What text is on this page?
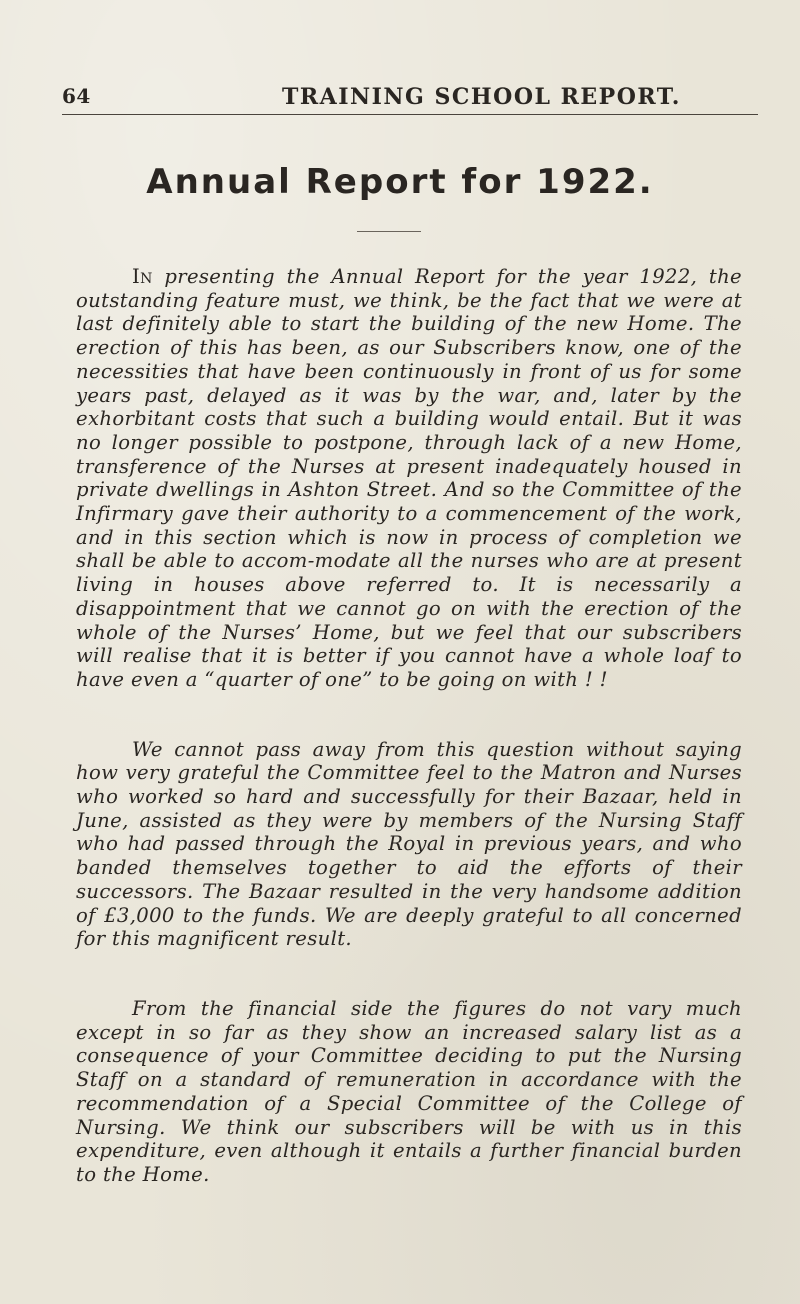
64	TRAINING SCHOOL REPORT.
Annual Report for 1922.

In presenting the Annual Report for the year 1922, the outstanding feature must, we think, be the fact that we were at last definitely able to start the building of the new Home. The erection of this has been, as our Subscribers know, one of the necessities that have been continuously in front of us for some years past, delayed as it was by the war, and, later by the exhorbitant costs that such a building would entail. But it was no longer possible to postpone, through lack of a new Home, transference of the Nurses at present inadequately housed in private dwellings in Ashton Street. And so the Committee of the Infirmary gave their authority to a commencement of the work, and in this section which is now in process of completion we shall be able to accom-modate all the nurses who are at present living in houses above referred to. It is necessarily a disappointment that we cannot go on with the erection of the whole of the Nurses’ Home, but we feel that our subscribers will realise that it is better if you cannot have a whole loaf to have even a “quarter of one” to be going on with ! !

We cannot pass away from this question without saying how very grateful the Committee feel to the Matron and Nurses who worked so hard and successfully for their Bazaar, held in June, assisted as they were by members of the Nursing Staff who had passed through the Royal in previous years, and who banded themselves together to aid the efforts of their successors. The Bazaar resulted in the very handsome addition of £3,000 to the funds. We are deeply grateful to all concerned for this magnificent result.

From the financial side the figures do not vary much except in so far as they show an increased salary list as a consequence of your Committee deciding to put the Nursing Staff on a standard of remuneration in accordance with the recommendation of a Special Committee of the College of Nursing. We think our subscribers will be with us in this expenditure, even although it entails a further financial burden to the Home.
